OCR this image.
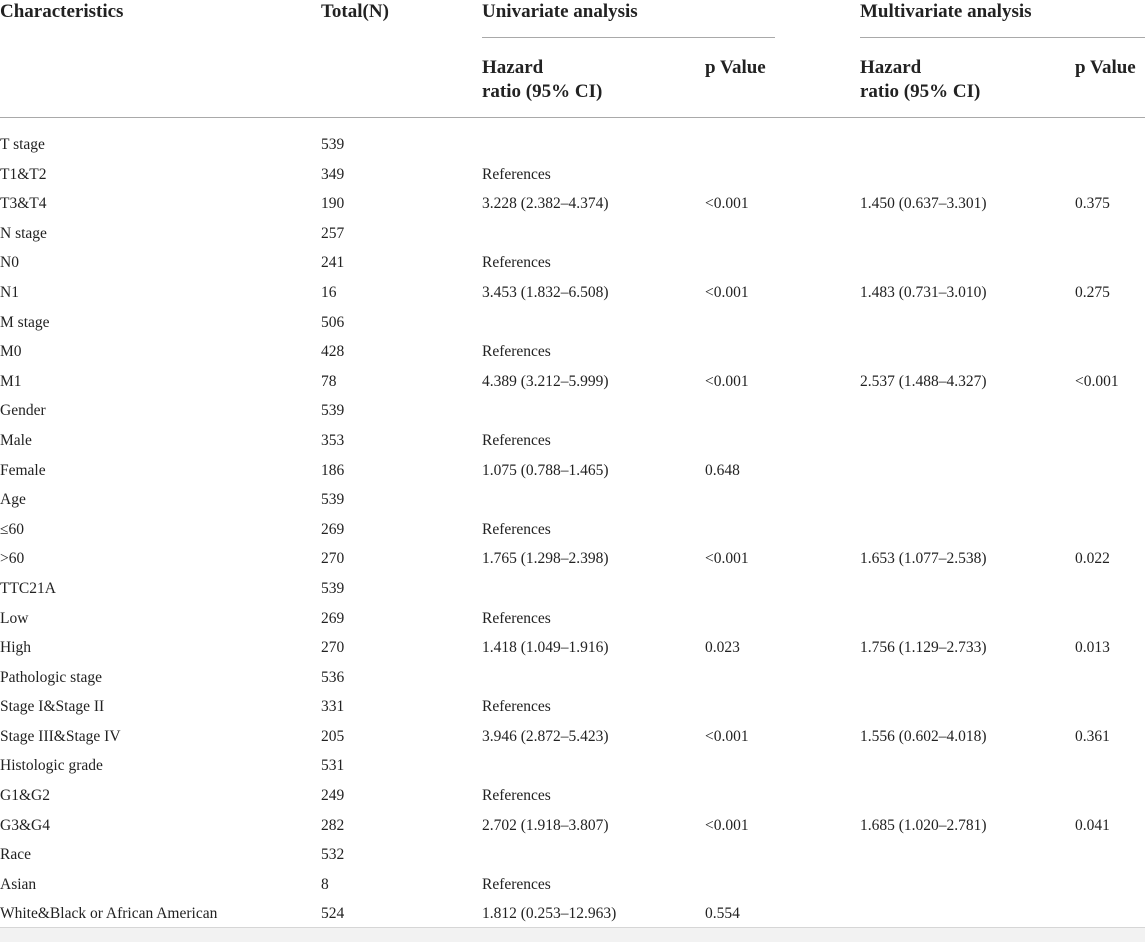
Characteristics	Total(N)	Univariate analysis	Multivariate analysis
Hazard
ratio (95% CI)
p Value	Hazard
ratio (95% CI)
p Value
T stage	539
T1&T2	349	References
T3&T4	190	3.228 (2.382–4.374)	<0.001	1.450 (0.637–3.301)	0.375
N stage	257
N0	241	References
N1	16	3.453 (1.832–6.508)	<0.001	1.483 (0.731–3.010)	0.275
M stage	506
M0	428	References
M1	78	4.389 (3.212–5.999)	<0.001	2.537 (1.488–4.327)	<0.001
Gender	539
Male	353	References
Female	186	1.075 (0.788–1.465)	0.648
Age	539
≤60	269	References
>60	270	1.765 (1.298–2.398)	<0.001	1.653 (1.077–2.538)	0.022
TTC21A	539
Low	269	References
High	270	1.418 (1.049–1.916)	0.023	1.756 (1.129–2.733)	0.013
Pathologic stage	536
Stage I&Stage II	331	References
Stage III&Stage IV	205	3.946 (2.872–5.423)	<0.001	1.556 (0.602–4.018)	0.361
Histologic grade	531
G1&G2	249	References
G3&G4	282	2.702 (1.918–3.807)	<0.001	1.685 (1.020–2.781)	0.041
Race	532
Asian	8	References
White&Black or African American	524	1.812 (0.253–12.963)	0.554
